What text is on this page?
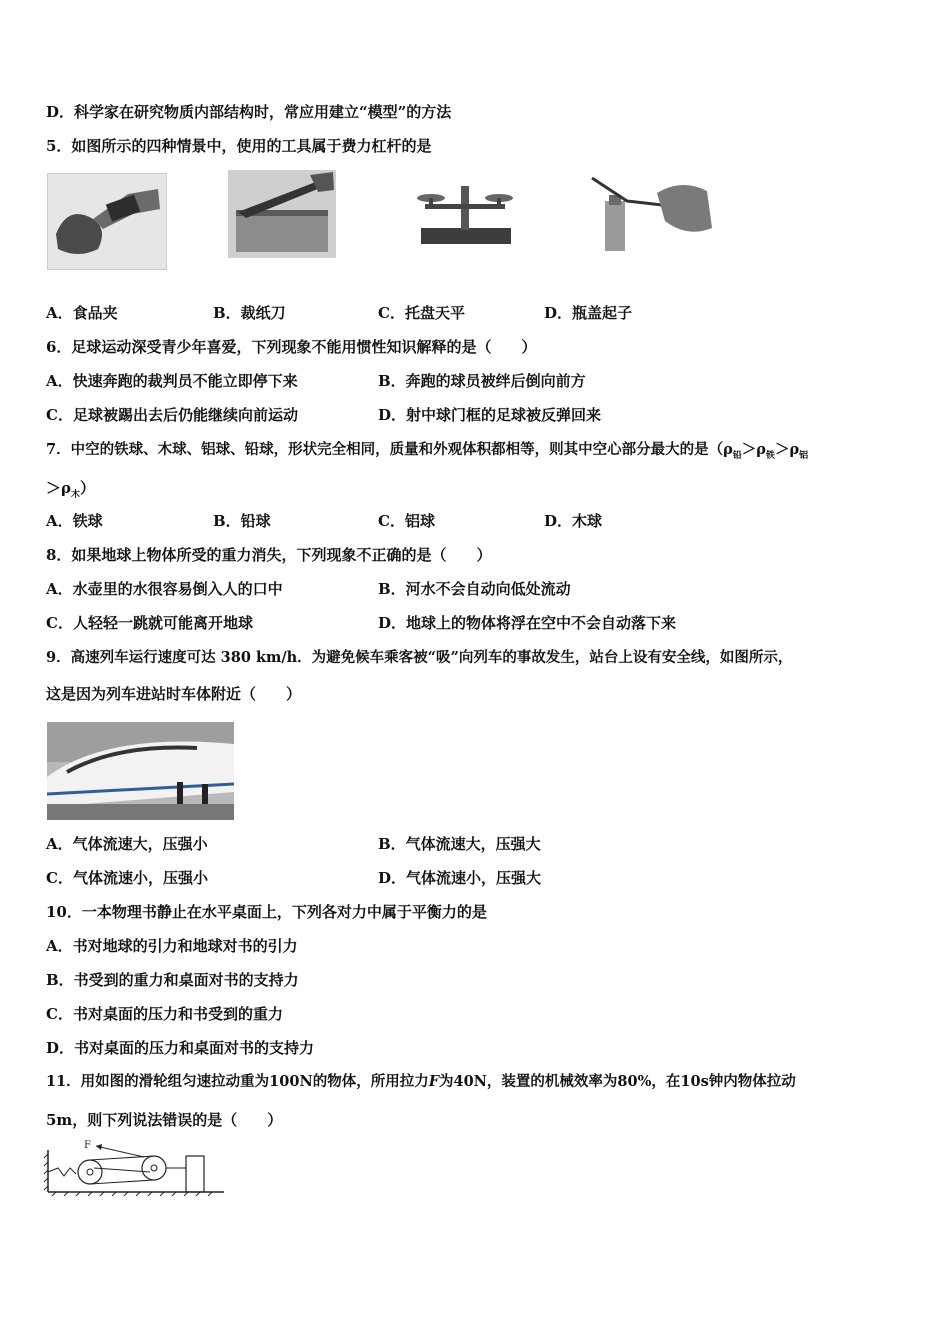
D．科学家在研究物质内部结构时，常应用建立“模型”的方法
5．如图所示的四种情景中，使用的工具属于费力杠杆的是
A．食品夹	B．裁纸刀	C．托盘天平	D．瓶盖起子
6．足球运动深受青少年喜爱，下列现象不能用惯性知识解释的是（　　）
A．快速奔跑的裁判员不能立即停下来	B．奔跑的球员被绊后倒向前方
C．足球被踢出去后仍能继续向前运动	D．射中球门框的足球被反弹回来
7．中空的铁球、木球、铝球、铅球，形状完全相同，质量和外观体积都相等，则其中空心部分最大的是（$\rho_铅>\rho_铁>\rho_铝$
$>\rho_木$）
A．铁球	B．铅球	C．铝球	D．木球
8．如果地球上物体所受的重力消失，下列现象不正确的是（　　）
A．水壶里的水很容易倒入人的口中	B．河水不会自动向低处流动
C．人轻轻一跳就可能离开地球	D．地球上的物体将浮在空中不会自动落下来
9．高速列车运行速度可达 380 km/h．为避免候车乘客被“吸”向列车的事故发生，站台上设有安全线，如图所示，
这是因为列车进站时车体附近（　　）
A．气体流速大，压强小	B．气体流速大，压强大
C．气体流速小，压强小	D．气体流速小，压强大
10．一本物理书静止在水平桌面上，下列各对力中属于平衡力的是
A．书对地球的引力和地球对书的引力
B．书受到的重力和桌面对书的支持力
C．书对桌面的压力和书受到的重力
D．书对桌面的压力和桌面对书的支持力
11．用如图的滑轮组匀速拉动重为100N的物体，所用拉力F为40N，装置的机械效率为80%，在10s钟内物体拉动
5m，则下列说法错误的是（　　）
F
